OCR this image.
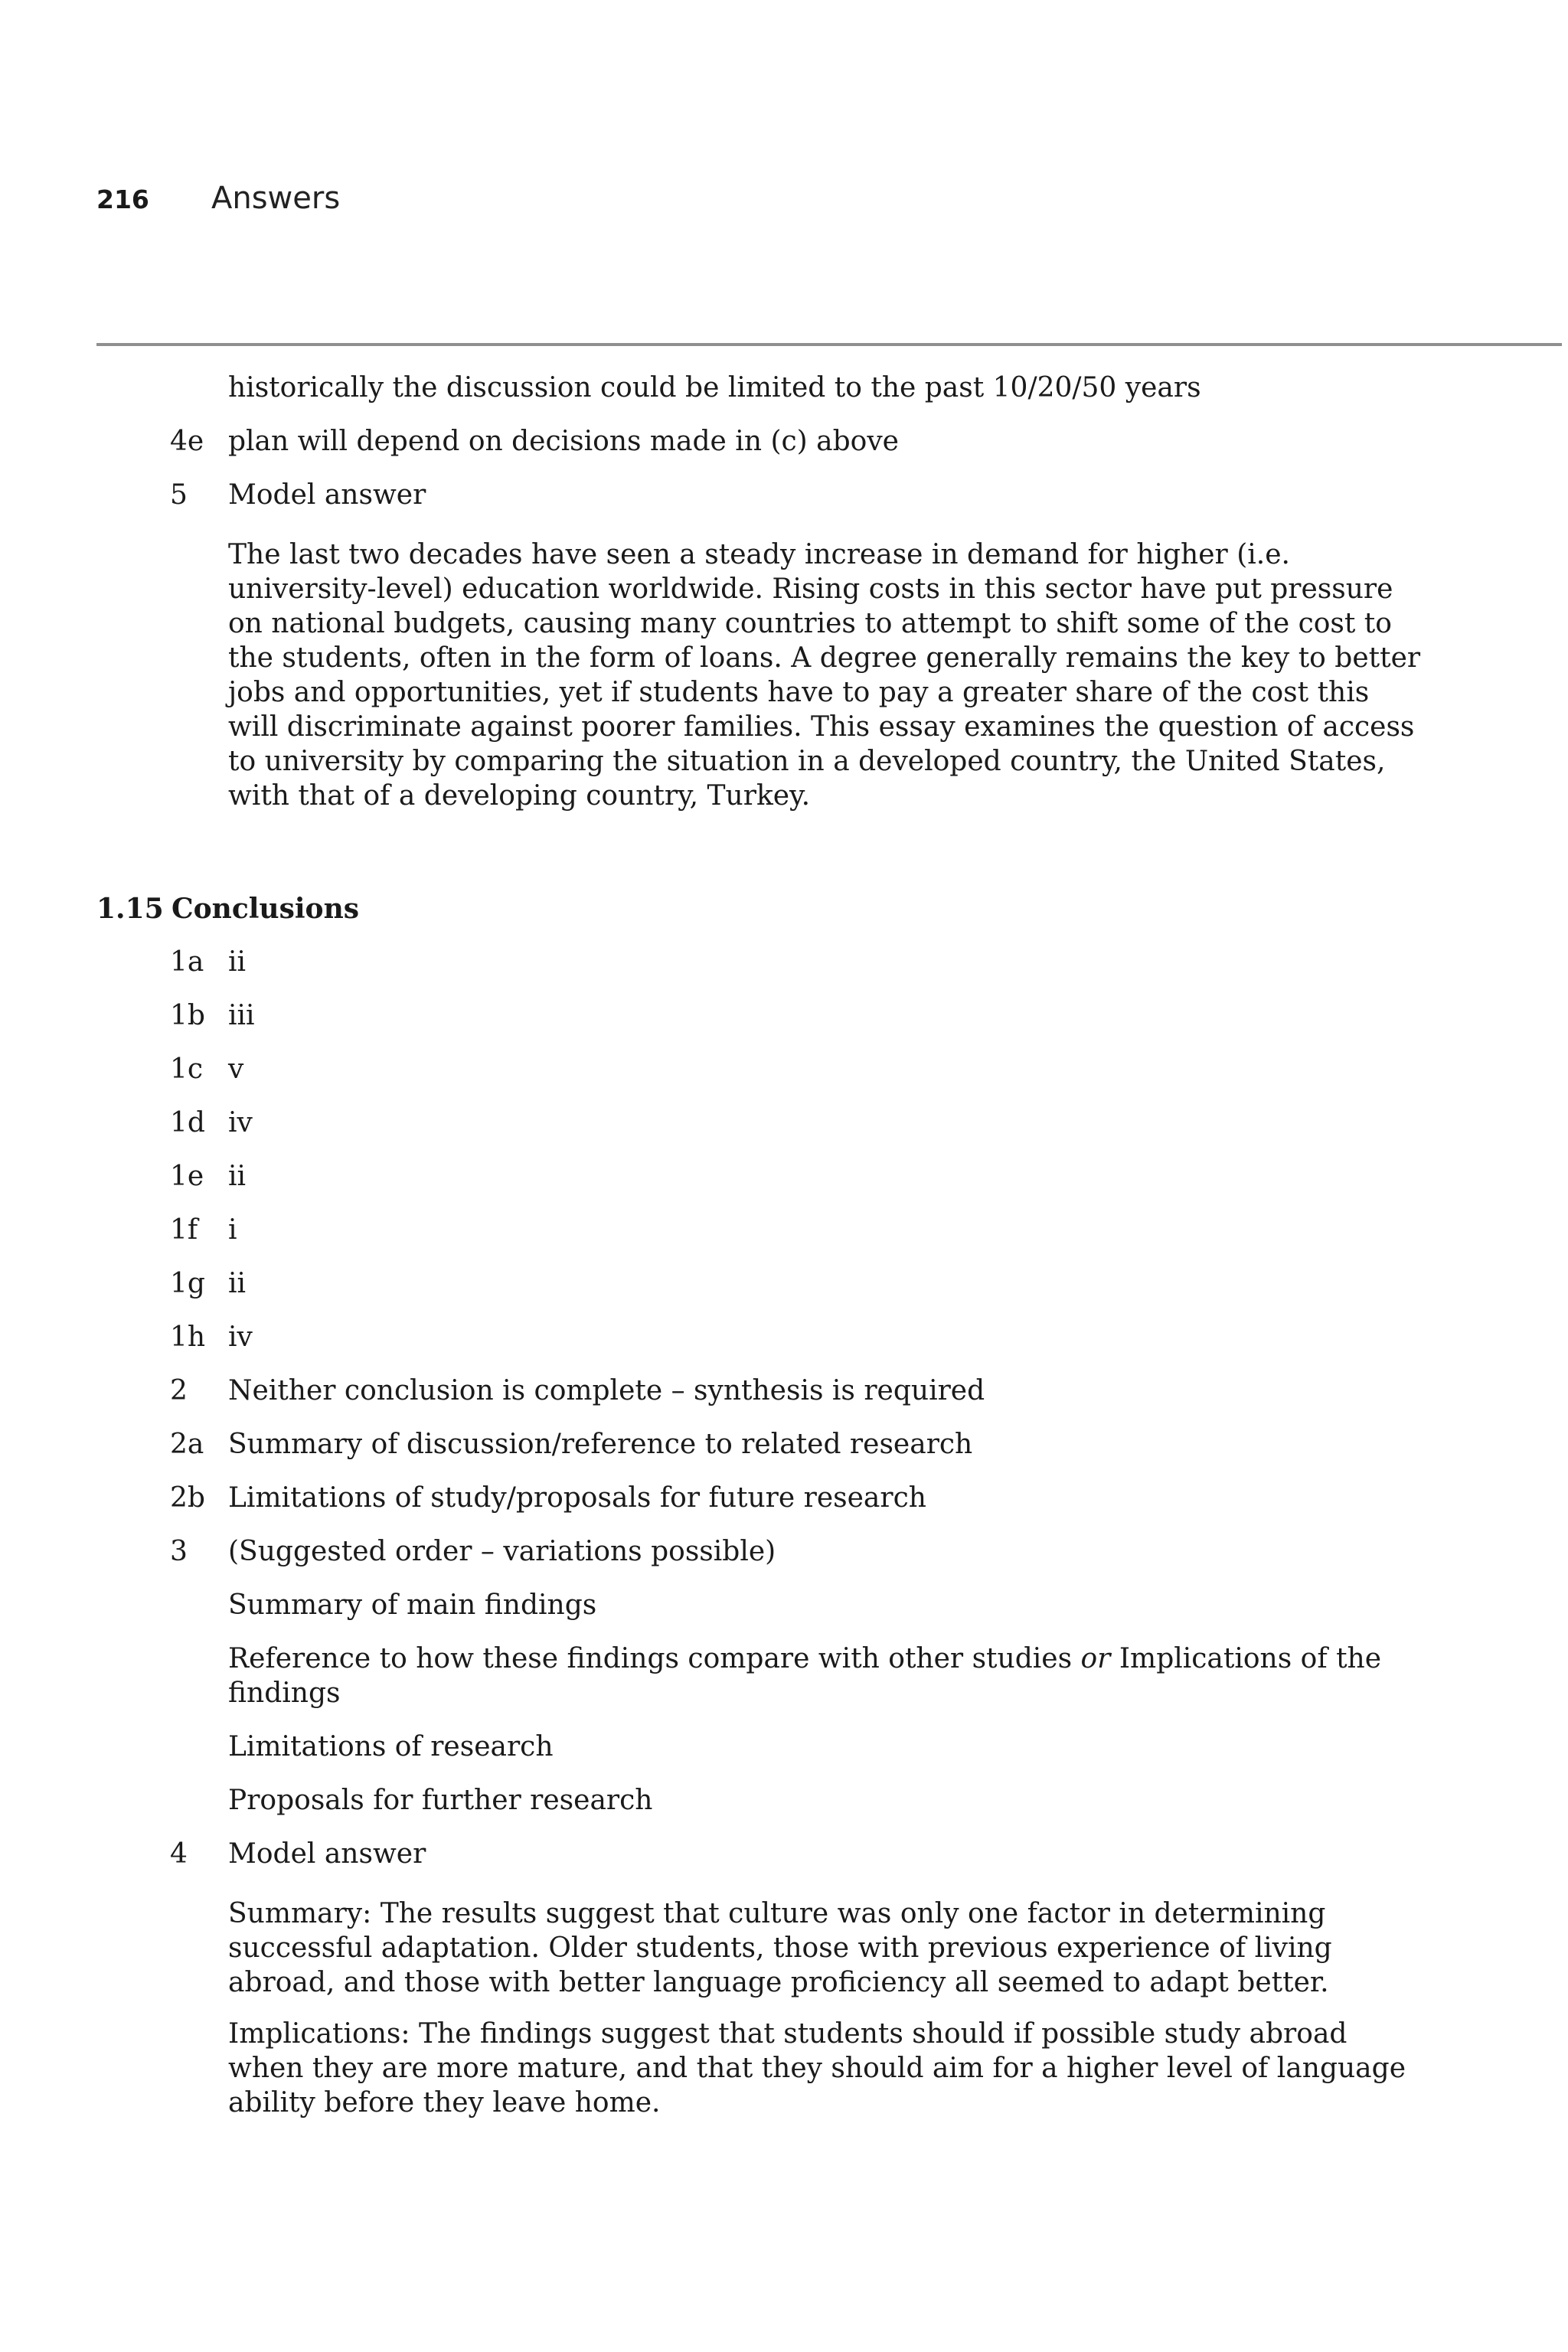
216	Answers
historically the discussion could be limited to the past 10/20/50 years
4e plan will depend on decisions made in (c) above
5 Model answer
The last two decades have seen a steady increase in demand for higher (i.e. university-level) education worldwide. Rising costs in this sector have put pressure on national budgets, causing many countries to attempt to shift some of the cost to the students, often in the form of loans. A degree generally remains the key to better jobs and opportunities, yet if students have to pay a greater share of the cost this will discriminate against poorer families. This essay examines the question of access to university by comparing the situation in a developed country, the United States, with that of a developing country, Turkey.
1.15 Conclusions
1a ii
1b iii
1c v
1d iv
1e ii
1f i
1g ii
1h iv
2 Neither conclusion is complete – synthesis is required
2a Summary of discussion/reference to related research
2b Limitations of study/proposals for future research
3 (Suggested order – variations possible)
Summary of main findings
Reference to how these findings compare with other studies or Implications of the findings
Limitations of research
Proposals for further research
4 Model answer
Summary: The results suggest that culture was only one factor in determining successful adaptation. Older students, those with previous experience of living abroad, and those with better language proficiency all seemed to adapt better.
Implications: The findings suggest that students should if possible study abroad when they are more mature, and that they should aim for a higher level of language ability before they leave home.
